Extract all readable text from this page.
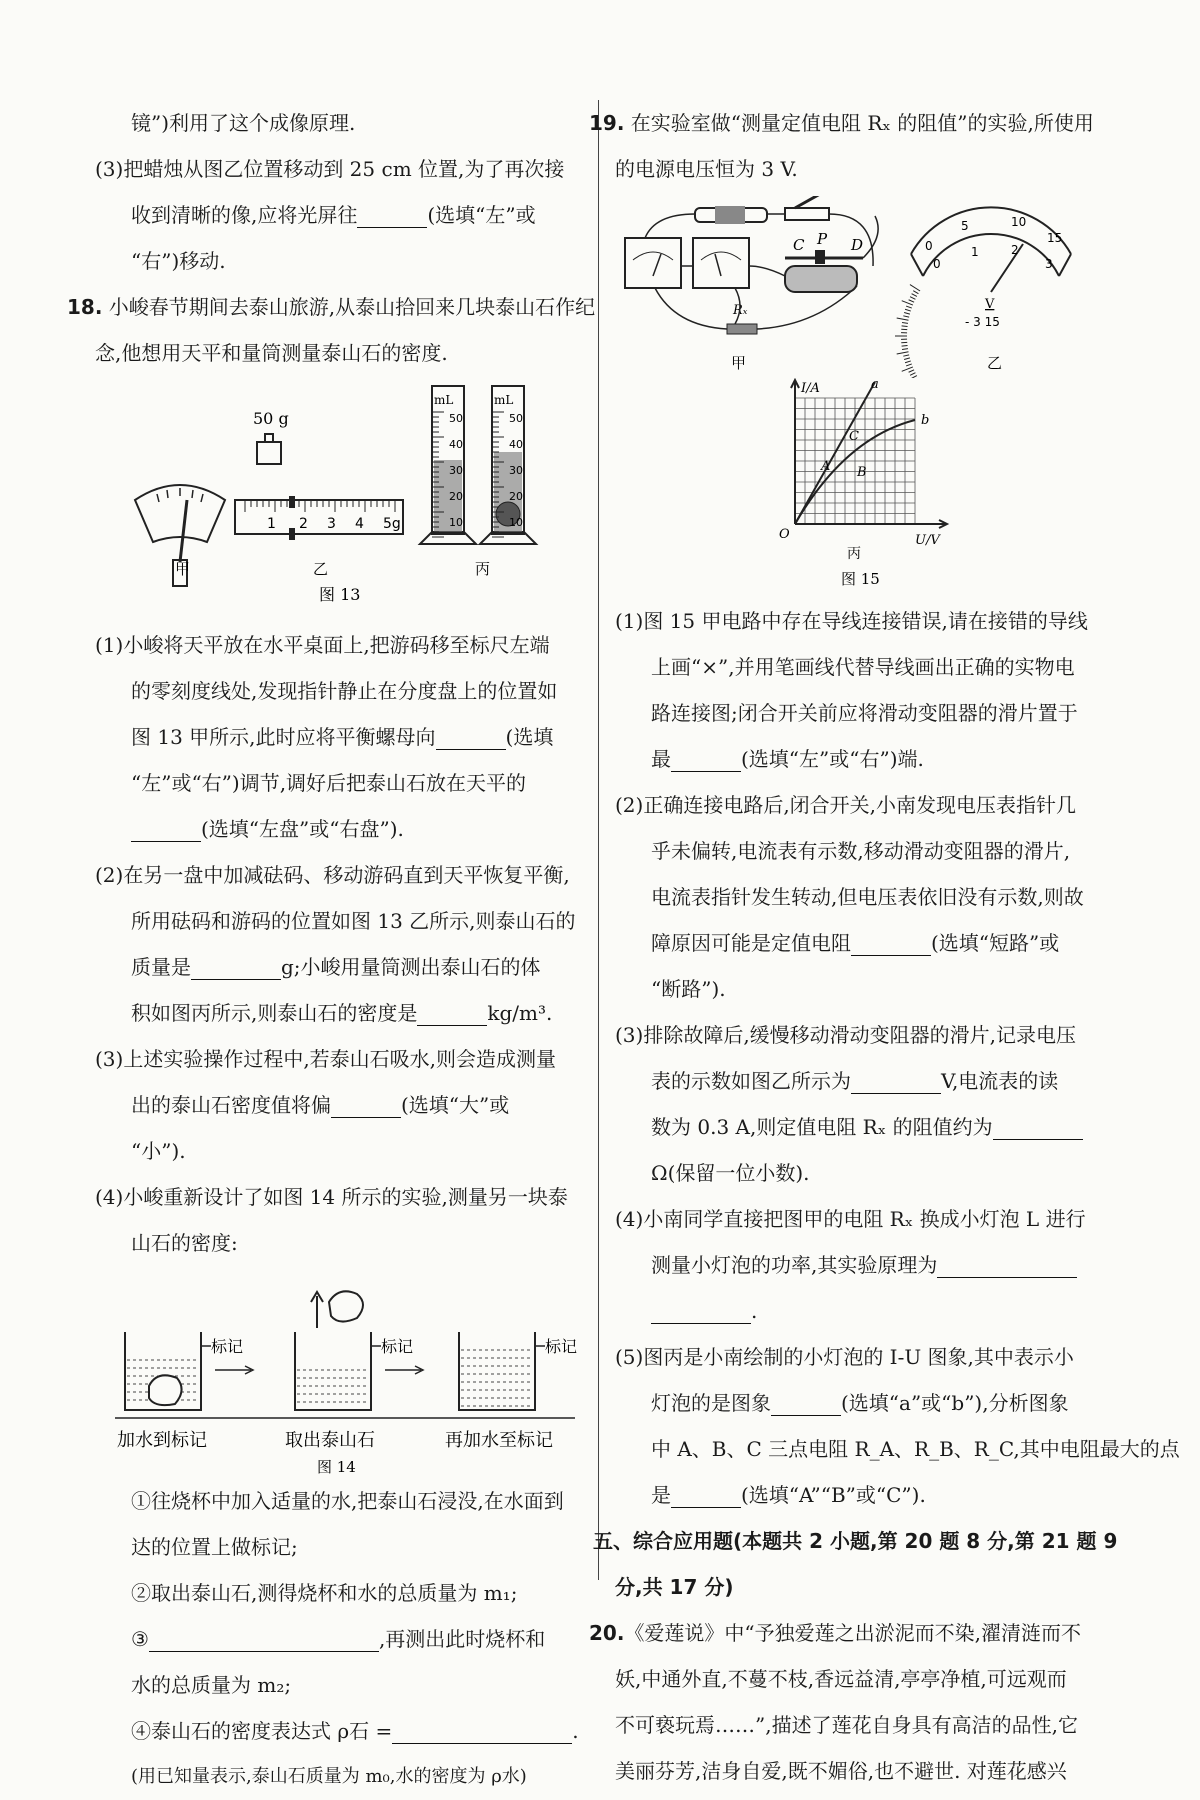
镜”)利用了这个成像原理.
(3)把蜡烛从图乙位置移动到 25 cm 位置,为了再次接
收到清晰的像,应将光屏往	(选填“左”或
“右”)移动.
18. 小峻春节期间去泰山旅游,从泰山拾回来几块泰山石作纪
念,他想用天平和量筒测量泰山石的密度.
50 g
1 2 3 4 5g
mL	mL
50
40
30
20
10
50
40
30
20
10
甲	乙	丙
图 13
(1)小峻将天平放在水平桌面上,把游码移至标尺左端
的零刻度线处,发现指针静止在分度盘上的位置如
图 13 甲所示,此时应将平衡螺母向	(选填
“左”或“右”)调节,调好后把泰山石放在天平的
(选填“左盘”或“右盘”).
(2)在另一盘中加减砝码、移动游码直到天平恢复平衡,
所用砝码和游码的位置如图 13 乙所示,则泰山石的
质量是	g;小峻用量筒测出泰山石的体
积如图丙所示,则泰山石的密度是	kg/m³.
(3)上述实验操作过程中,若泰山石吸水,则会造成测量
出的泰山石密度值将偏	(选填“大”或
“小”).
(4)小峻重新设计了如图 14 所示的实验,测量另一块泰
山石的密度:
标记	标记	标记
加水到标记	取出泰山石	再加水至标记
图 14
①往烧杯中加入适量的水,把泰山石浸没,在水面到
达的位置上做标记;
②取出泰山石,测得烧杯和水的总质量为 m₁;
③	,再测出此时烧杯和
水的总质量为 m₂;
④泰山石的密度表达式 ρ石 =	.
(用已知量表示,泰山石质量为 m₀,水的密度为 ρ水)
19. 在实验室做“测量定值电阻 Rₓ 的阻值”的实验,所使用
的电源电压恒为 3 V.
C P D
Rₓ
0
5	10
15
0
1	2
3
V
- 3 15
甲	乙
I/A
U/V
O
a
b
A B
C
丙
图 15
(1)图 15 甲电路中存在导线连接错误,请在接错的导线
上画“×”,并用笔画线代替导线画出正确的实物电
路连接图;闭合开关前应将滑动变阻器的滑片置于
最	(选填“左”或“右”)端.
(2)正确连接电路后,闭合开关,小南发现电压表指针几
乎未偏转,电流表有示数,移动滑动变阻器的滑片,
电流表指针发生转动,但电压表依旧没有示数,则故
障原因可能是定值电阻	(选填“短路”或
“断路”).
(3)排除故障后,缓慢移动滑动变阻器的滑片,记录电压
表的示数如图乙所示为	V,电流表的读
数为 0.3 A,则定值电阻 Rₓ 的阻值约为
Ω(保留一位小数).
(4)小南同学直接把图甲的电阻 Rₓ 换成小灯泡 L 进行
测量小灯泡的功率,其实验原理为
.
(5)图丙是小南绘制的小灯泡的 I-U 图象,其中表示小
灯泡的是图象	(选填“a”或“b”),分析图象
中 A、B、C 三点电阻 R_A、R_B、R_C,其中电阻最大的点
是	(选填“A”“B”或“C”).
五、综合应用题(本题共 2 小题,第 20 题 8 分,第 21 题 9
分,共 17 分)
20.《爱莲说》中“予独爱莲之出淤泥而不染,濯清涟而不
妖,中通外直,不蔓不枝,香远益清,亭亭净植,可远观而
不可亵玩焉……”,描述了莲花自身具有高洁的品性,它
美丽芬芳,洁身自爱,既不媚俗,也不避世. 对莲花感兴
